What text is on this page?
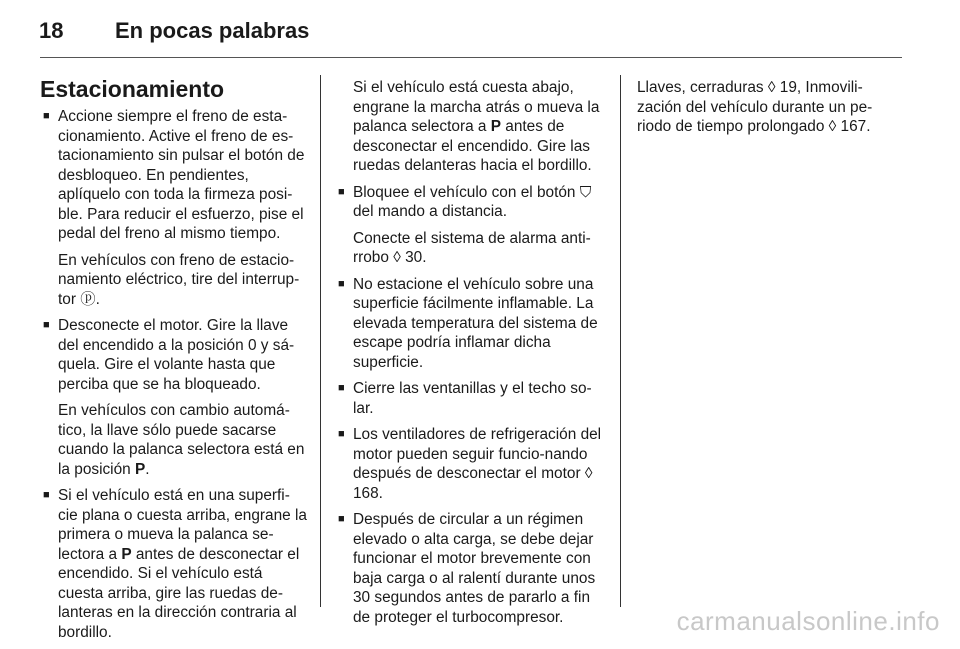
18 En pocas palabras
Estacionamiento
■ Accione siempre el freno de esta-cionamiento. Active el freno de es-tacionamiento sin pulsar el botón de desbloqueo. En pendientes, aplíquelo con toda la firmeza posi-ble. Para reducir el esfuerzo, pise el pedal del freno al mismo tiempo.

En vehículos con freno de estacio-namiento eléctrico, tire del interrup-tor ⓟ.

■ Desconecte el motor. Gire la llave del encendido a la posición 0 y sá-quela. Gire el volante hasta que perciba que se ha bloqueado.

En vehículos con cambio automá-tico, la llave sólo puede sacarse cuando la palanca selectora está en la posición P.

■ Si el vehículo está en una superfi-cie plana o cuesta arriba, engrane la primera o mueva la palanca se-lectora a P antes de desconectar el encendido. Si el vehículo está cuesta arriba, gire las ruedas de-lanteras en la dirección contraria al bordillo.

Si el vehículo está cuesta abajo, engrane la marcha atrás o mueva la palanca selectora a P antes de desconectar el encendido. Gire las ruedas delanteras hacia el bordillo.

■ Bloquee el vehículo con el botón ⛉ del mando a distancia.

Conecte el sistema de alarma anti-rrobo ◊ 30.

■ No estacione el vehículo sobre una superficie fácilmente inflamable. La elevada temperatura del sistema de escape podría inflamar dicha superficie.

■ Cierre las ventanillas y el techo so-lar.

■ Los ventiladores de refrigeración del motor pueden seguir funcio-nando después de desconectar el motor ◊ 168.

■ Después de circular a un régimen elevado o alta carga, se debe dejar funcionar el motor brevemente con baja carga o al ralentí durante unos 30 segundos antes de pararlo a fin de proteger el turbocompresor.

Llaves, cerraduras ◊ 19, Inmovili-zación del vehículo durante un pe-riodo de tiempo prolongado ◊ 167.

carmanualsonline.info
